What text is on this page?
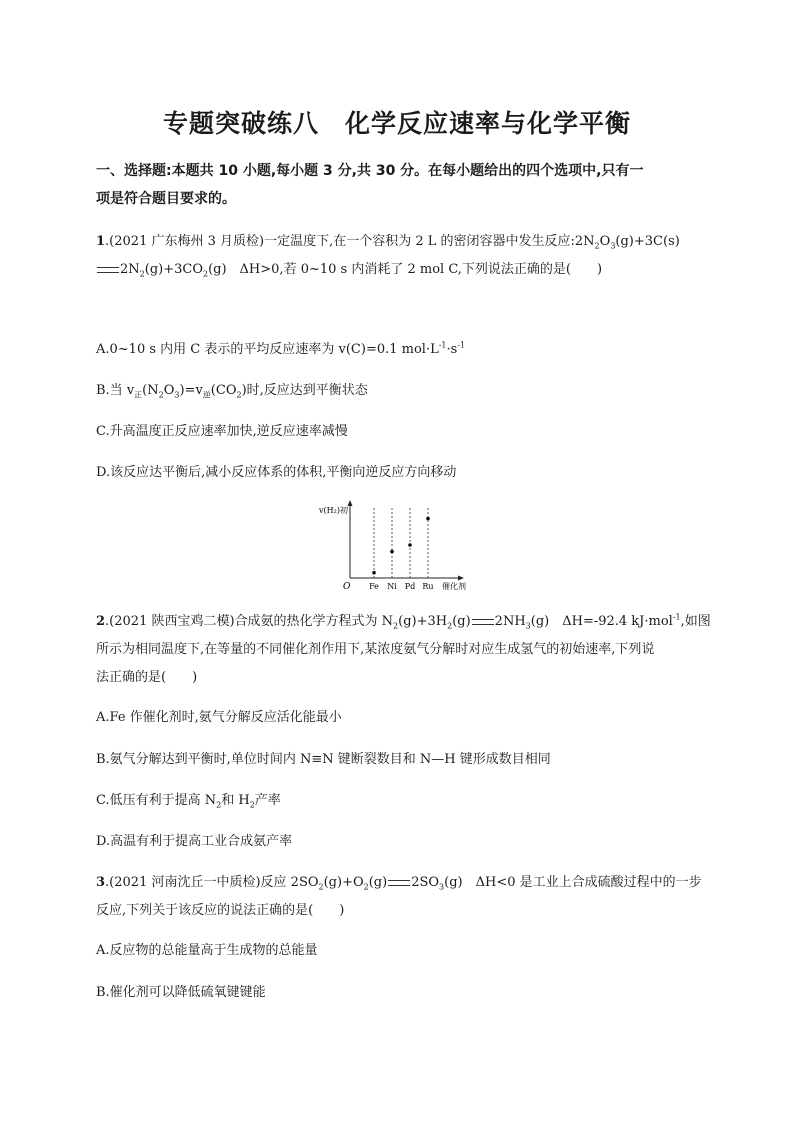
专题突破练八　化学反应速率与化学平衡
一、选择题:本题共 10 小题,每小题 3 分,共 30 分。在每小题给出的四个选项中,只有一
项是符合题目要求的。
1.(2021 广东梅州 3 月质检)一定温度下,在一个容积为 2 L 的密闭容器中发生反应$:2N_2O_3(g)+3C(s)$
$2N_2(g)+3CO_2(g)$　ΔH>0,若 0~10 s 内消耗了 2 mol C,下列说法正确的是(　　)
A.0~10 s 内用 C 表示的平均反应速率为 v(C)=0.1 $mol\cdot L^{-1}\cdot s^{-1}$
B.当 $v_正(N_2O_3)=v_逆(CO_2)$时,反应达到平衡状态
C.升高温度正反应速率加快,逆反应速率减慢
D.该反应达平衡后,减小反应体系的体积,平衡向逆反应方向移动
v(H₂)初
O	催化剂
Fe Ni Pd Ru
2.(2021 陕西宝鸡二模)合成氨的热化学方程式为 $N_2(g)+3H_2(g)$ $2NH_3(g)$　ΔH=-92.4 kJ·mol$^{-1}$,如图
所示为相同温度下,在等量的不同催化剂作用下,某浓度氨气分解时对应生成氢气的初始速率,下列说
法正确的是(　　)
A.Fe 作催化剂时,氨气分解反应活化能最小
B.氨气分解达到平衡时,单位时间内 N≡N 键断裂数目和 N—H 键形成数目相同
C.低压有利于提高 $N_2$和 $H_2$产率
D.高温有利于提高工业合成氨产率
3.(2021 河南沈丘一中质检)反应 $2SO_2(g)+O_2(g)$ $2SO_3(g)$　ΔH<0 是工业上合成硫酸过程中的一步
反应,下列关于该反应的说法正确的是(　　)
A.反应物的总能量高于生成物的总能量
B.催化剂可以降低硫氧键键能
